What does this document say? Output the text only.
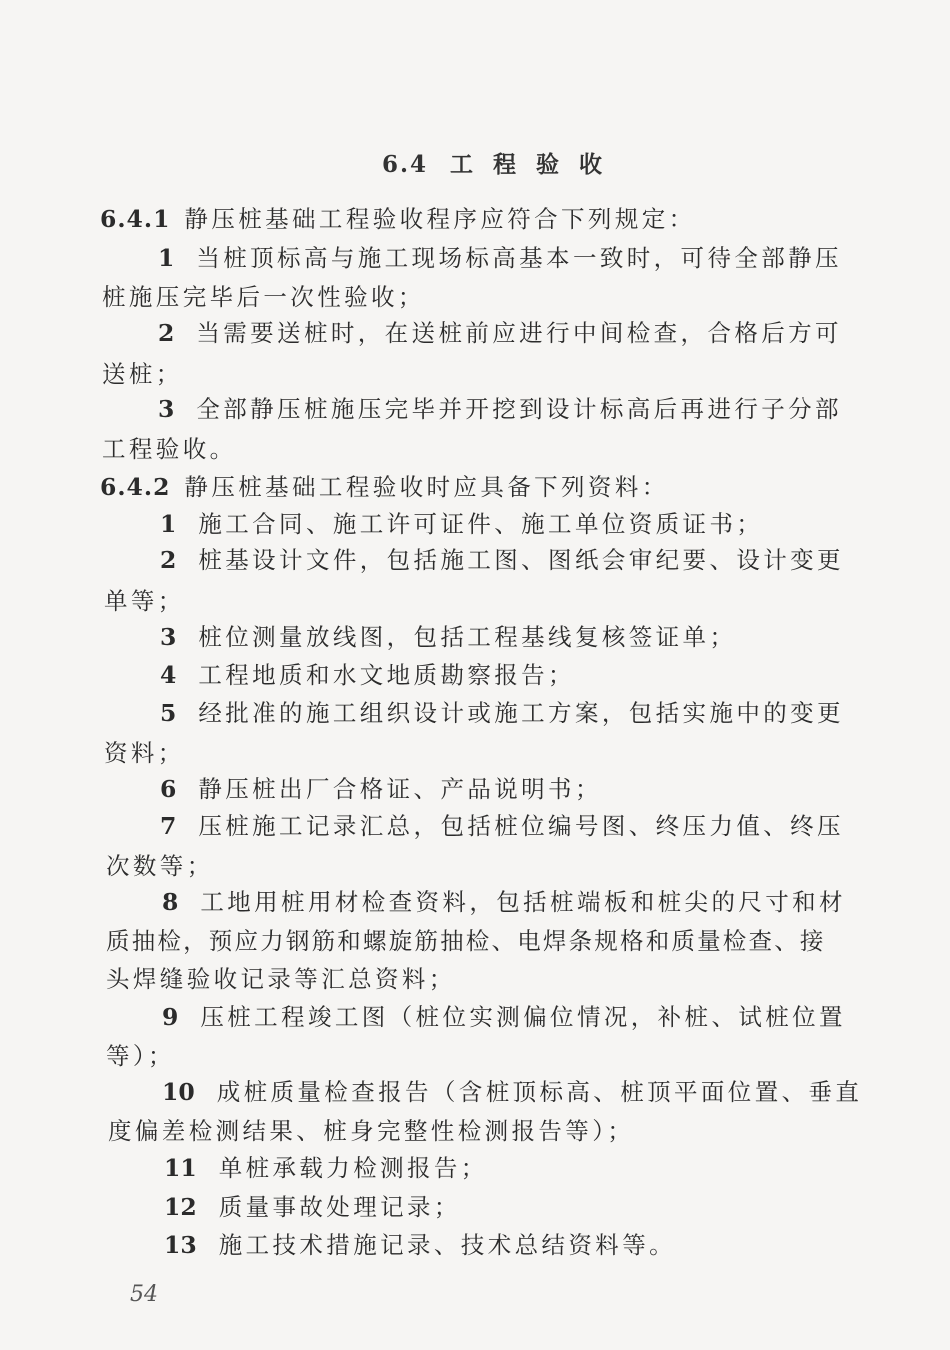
6.4 工 程 验 收
6.4.1 静压桩基础工程验收程序应符合下列规定：
1 当桩顶标高与施工现场标高基本一致时，可待全部静压
桩施压完毕后一次性验收；
2 当需要送桩时，在送桩前应进行中间检查，合格后方可
送桩；
3 全部静压桩施压完毕并开挖到设计标高后再进行子分部
工程验收。
6.4.2 静压桩基础工程验收时应具备下列资料：
1 施工合同、施工许可证件、施工单位资质证书；
2 桩基设计文件，包括施工图、图纸会审纪要、设计变更
单等；
3 桩位测量放线图，包括工程基线复核签证单；
4 工程地质和水文地质勘察报告；
5 经批准的施工组织设计或施工方案，包括实施中的变更
资料；
6 静压桩出厂合格证、产品说明书；
7 压桩施工记录汇总，包括桩位编号图、终压力值、终压
次数等；
8 工地用桩用材检查资料，包括桩端板和桩尖的尺寸和材
质抽检，预应力钢筋和螺旋筋抽检、电焊条规格和质量检查、接
头焊缝验收记录等汇总资料；
9 压桩工程竣工图（桩位实测偏位情况，补桩、试桩位置
等）；
10 成桩质量检查报告（含桩顶标高、桩顶平面位置、垂直
度偏差检测结果、桩身完整性检测报告等）；
11 单桩承载力检测报告；
12 质量事故处理记录；
13 施工技术措施记录、技术总结资料等。
54
